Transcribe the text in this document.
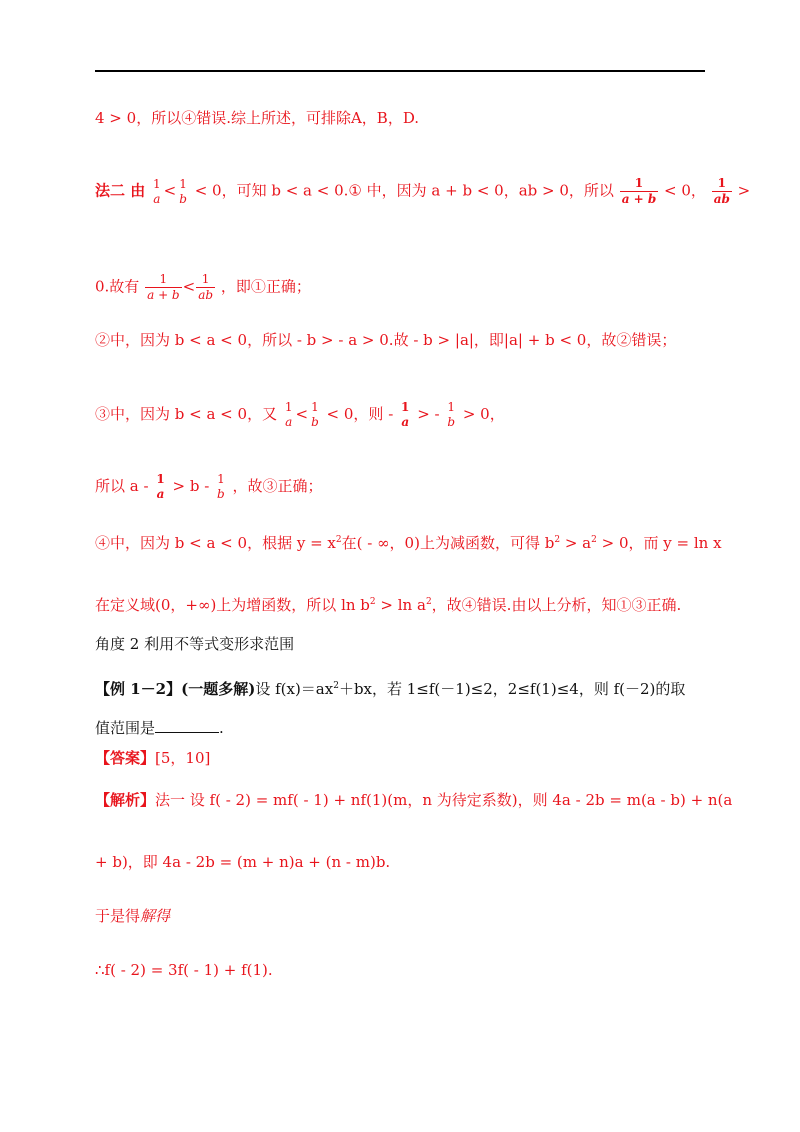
4 > 0，所以④错误.综上所述，可排除A，B，D.
法二 由 1
a < 1
b < 0，可知 b < a < 0.① 中，因为 a + b < 0，ab > 0，所以 $\frac{1}{a + b} < 0$， $\frac{1}{ab}$ >
0.故有 $\frac{1}{a + b} < \frac{1}{ab}$ ，即①正确；
②中，因为 b < a < 0，所以 - b > - a > 0.故 - b > |a|，即|a| + b < 0，故②错误；
③中，因为 b < a < 0，又 1
a < 1
b < 0，则 - 1
a > - 1
b > 0，
所以 a - 1
a > b - 1
b ，故③正确；
④中，因为 b < a < 0，根据 $y = x^2$在( - ∞，0)上为减函数，可得 $b^2 > a^2 > 0$，而 y = ln x
在定义域(0，+∞)上为增函数，所以 $\ln b^2 > \ln a^2$，故④错误.由以上分析，知①③正确.
角度 2 利用不等式变形求范围
【例 1－2】(一题多解)设 $f(x)=ax^2+bx$，若 1≤f(－1)≤2，2≤f(1)≤4，则 f(－2)的取
值范围是	.
【答案】[5，10]
【解析】法一 设 f( - 2) = mf( - 1) + nf(1)(m，n 为待定系数)，则 4a - 2b = m(a - b) + n(a
+ b)，即 4a - 2b = (m + n)a + (n - m)b.
于是得解得
∴f( - 2) = 3f( - 1) + f(1).
